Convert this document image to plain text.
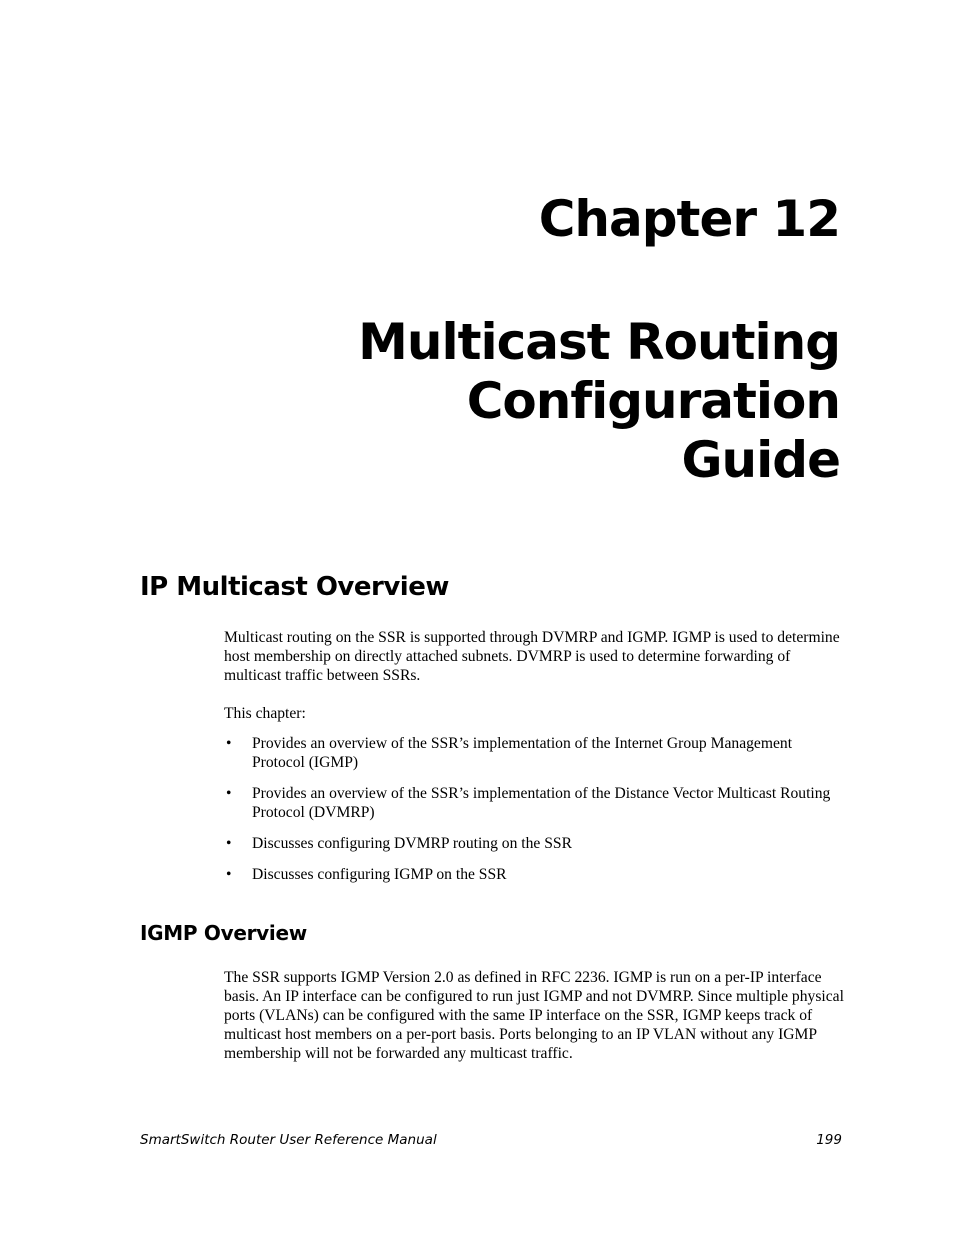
Chapter 12
Multicast Routing
Configuration
Guide
IP Multicast Overview

Multicast routing on the SSR is supported through DVMRP and IGMP. IGMP is used to determine host membership on directly attached subnets. DVMRP is used to determine forwarding of multicast traffic between SSRs.

This chapter:

• Provides an overview of the SSR’s implementation of the Internet Group Management Protocol (IGMP)
• Provides an overview of the SSR’s implementation of the Distance Vector Multicast Routing Protocol (DVMRP)
• Discusses configuring DVMRP routing on the SSR
• Discusses configuring IGMP on the SSR
IGMP Overview

The SSR supports IGMP Version 2.0 as defined in RFC 2236. IGMP is run on a per-IP interface basis. An IP interface can be configured to run just IGMP and not DVMRP. Since multiple physical ports (VLANs) can be configured with the same IP interface on the SSR, IGMP keeps track of multicast host members on a per-port basis. Ports belonging to an IP VLAN without any IGMP membership will not be forwarded any multicast traffic.

SmartSwitch Router User Reference Manual	199
